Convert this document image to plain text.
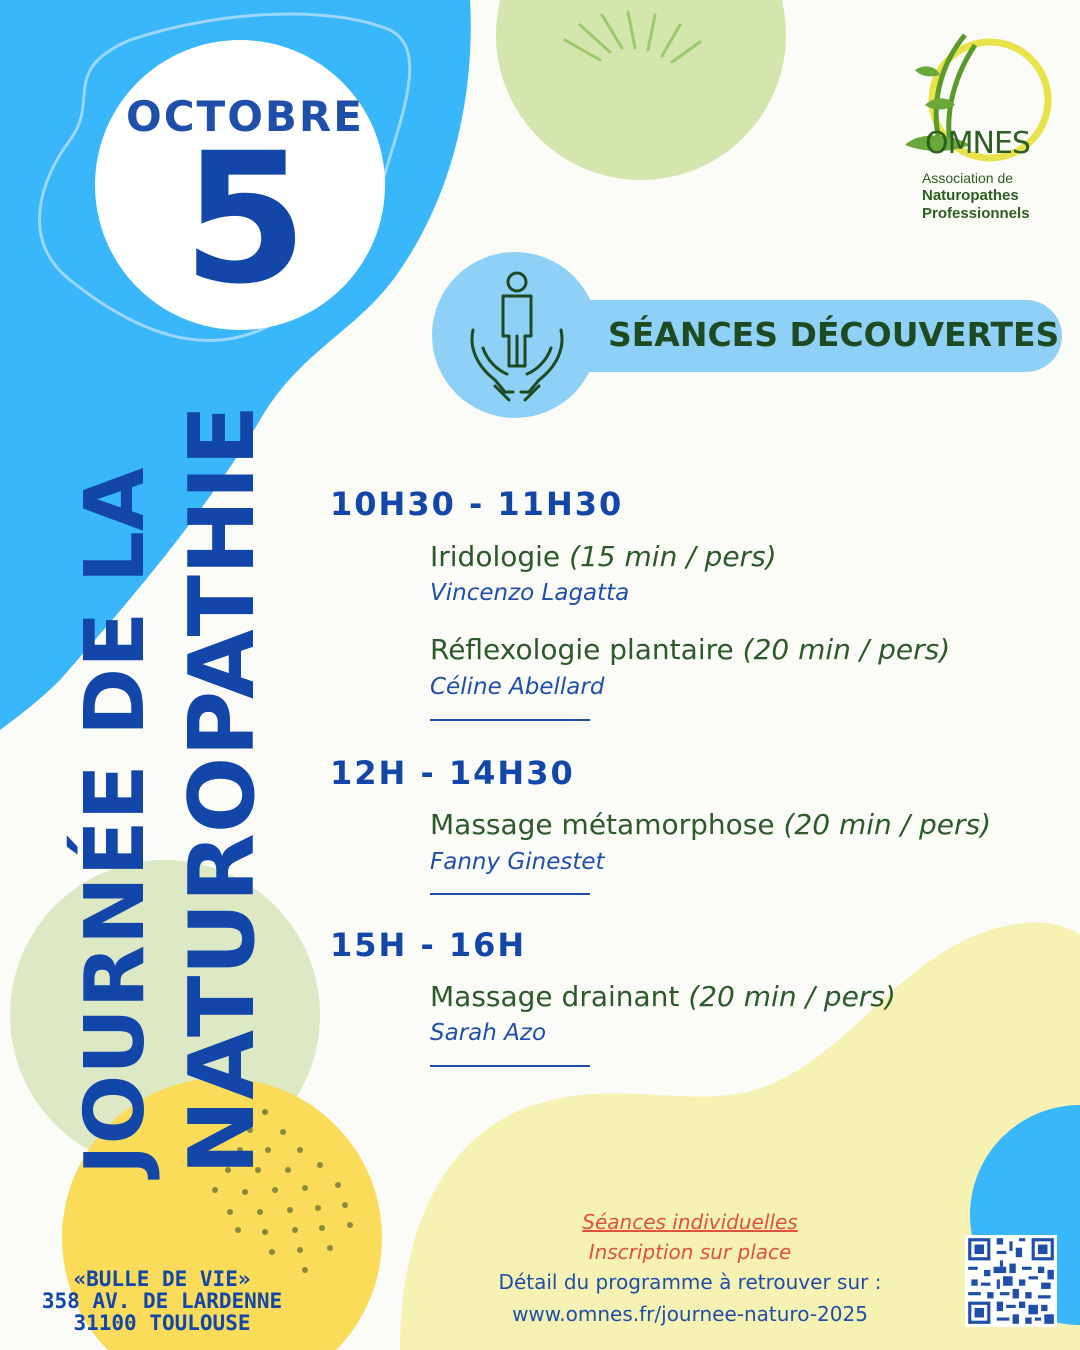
OCTOBRE
5
JOURNÉE DE LA NATUROPATHIE
OMNES
Association de
Naturopathes
Professionnels
SÉANCES DÉCOUVERTES
10H30 - 11H30
Iridologie (15 min / pers)
Vincenzo Lagatta
Réflexologie plantaire (20 min / pers)
Céline Abellard
12H - 14H30
Massage métamorphose (20 min / pers)
Fanny Ginestet
15H - 16H
Massage drainant (20 min / pers)
Sarah Azo
«BULLE DE VIE»
358 AV. DE LARDENNE
31100 TOULOUSE
Séances individuelles
Inscription sur place
Détail du programme à retrouver sur :
www.omnes.fr/journee-naturo-2025
